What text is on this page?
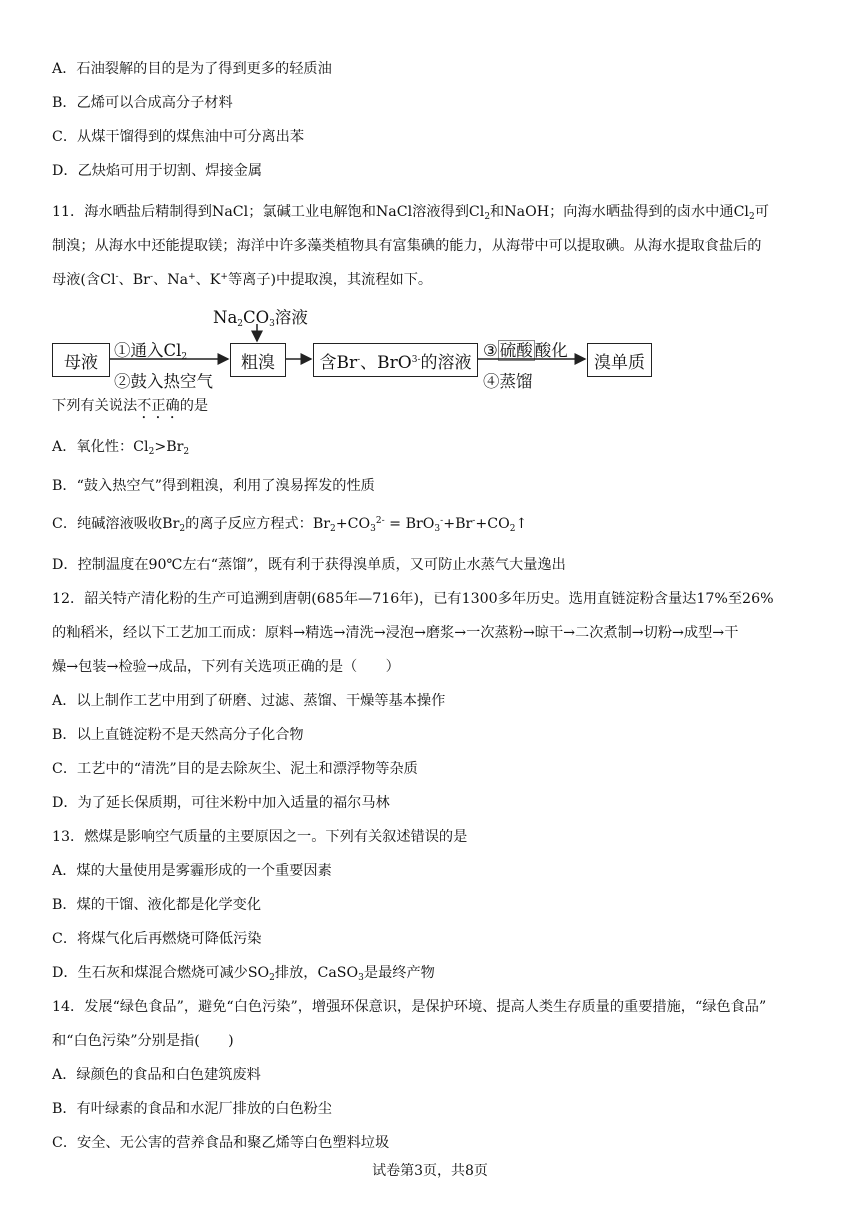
A．石油裂解的目的是为了得到更多的轻质油
B．乙烯可以合成高分子材料
C．从煤干馏得到的煤焦油中可分离出苯
D．乙炔焰可用于切割、焊接金属
11．海水晒盐后精制得到NaCl；氯碱工业电解饱和NaCl溶液得到$Cl_2$和NaOH；向海水晒盐得到的卤水中通$Cl_2$可
制溴；从海水中还能提取镁；海洋中许多藻类植物具有富集碘的能力，从海带中可以提取碘。从海水提取食盐后的
母液(含Cl-、Br-、Na+、K+等离子)中提取溴，其流程如下。
母液
①通入$Cl_2$
②鼓入热空气
$Na_2CO_3$溶液
粗溴	含Br - 、BrO 3 - 的溶液
③ 硫酸 酸化
④蒸馏
溴单质
下列有关说法不正确的是
A．氧化性：$Cl_2>Br_2$
B．“鼓入热空气”得到粗溴，利用了溴易挥发的性质
C．纯碱溶液吸收$Br_2$的离子反应方程式：$Br_2+CO_3^{2-}$ = $BrO_3^-+Br^-+CO_2↑$
D．控制温度在90℃左右“蒸馏”，既有利于获得溴单质，又可防止水蒸气大量逸出
12．韶关特产清化粉的生产可追溯到唐朝(685年—716年)，已有1300多年历史。选用直链淀粉含量达17%至26%
的籼稻米，经以下工艺加工而成：原料→精选→清洗→浸泡→磨浆→一次蒸粉→晾干→二次煮制→切粉→成型→干
燥→包装→检验→成品，下列有关选项正确的是（　　）
A．以上制作工艺中用到了研磨、过滤、蒸馏、干燥等基本操作
B．以上直链淀粉不是天然高分子化合物
C．工艺中的“清洗”目的是去除灰尘、泥土和漂浮物等杂质
D．为了延长保质期，可往米粉中加入适量的福尔马林
13．燃煤是影响空气质量的主要原因之一。下列有关叙述错误的是
A．煤的大量使用是雾霾形成的一个重要因素
B．煤的干馏、液化都是化学变化
C．将煤气化后再燃烧可降低污染
D．生石灰和煤混合燃烧可减少$SO_2$排放，CaSO$_3$是最终产物
14．发展“绿色食品”，避免“白色污染”，增强环保意识，是保护环境、提高人类生存质量的重要措施，“绿色食品”
和“白色污染”分别是指(　　)
A．绿颜色的食品和白色建筑废料
B．有叶绿素的食品和水泥厂排放的白色粉尘
C．安全、无公害的营养食品和聚乙烯等白色塑料垃圾
试卷第3页，共8页
